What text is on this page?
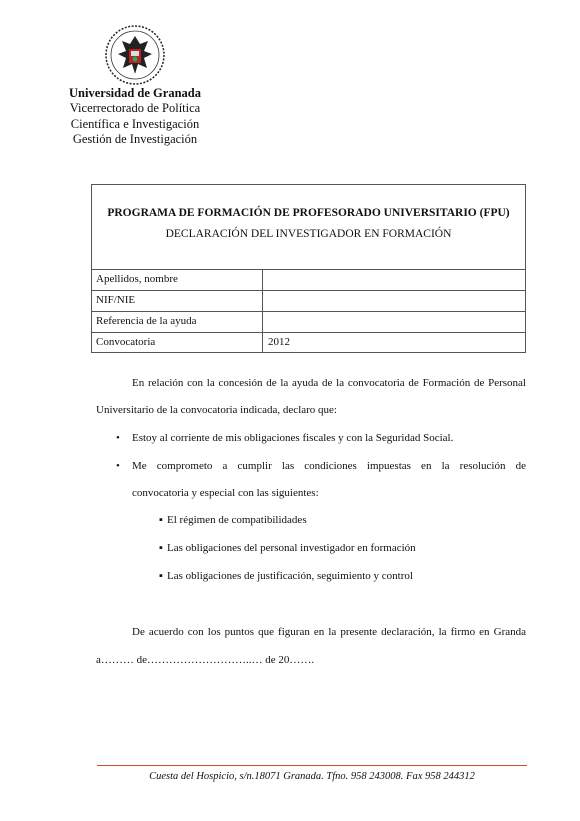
Universidad de Granada
Vicerrectorado de Política
Científica e Investigación
Gestión de Investigación
PROGRAMA DE FORMACIÓN DE PROFESORADO UNIVERSITARIO (FPU)
DECLARACIÓN DEL INVESTIGADOR EN FORMACIÓN
Apellidos, nombre
NIF/NIE
Referencia de la ayuda
Convocatoria	2012
En relación con la concesión de la ayuda de la convocatoria de Formación de Personal
Universitario de la convocatoria indicada, declaro que:
• Estoy al corriente de mis obligaciones fiscales y con la Seguridad Social.
• Me comprometo a cumplir las condiciones impuestas en la resolución de
convocatoria y especial con las siguientes:
▪ El régimen de compatibilidades
▪ Las obligaciones del personal investigador en formación
▪ Las obligaciones de justificación, seguimiento y control
De acuerdo con los puntos que figuran en la presente declaración, la firmo en Granda
a……… de………………………..… de 20…….
Cuesta del Hospicio, s/n.18071 Granada. Tfno. 958 243008. Fax 958 244312
